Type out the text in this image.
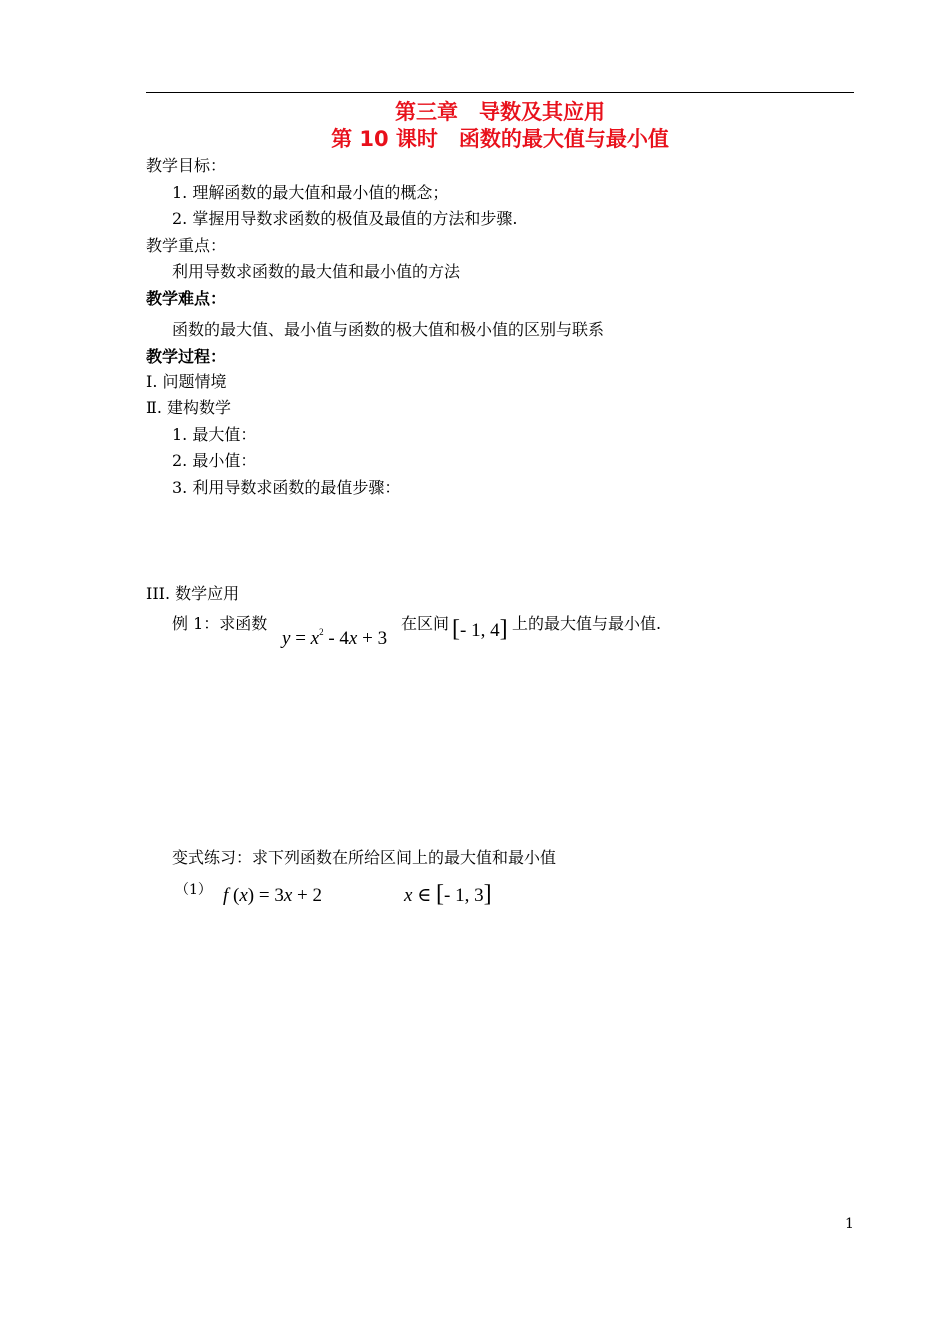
第三章　导数及其应用
第 10 课时　函数的最大值与最小值
教学目标：
1. 理解函数的最大值和最小值的概念；
2. 掌握用导数求函数的极值及最值的方法和步骤.
教学重点：
利用导数求函数的最大值和最小值的方法
教学难点：
函数的最大值、最小值与函数的极大值和极小值的区别与联系
教学过程：
Ⅰ. 问题情境
Ⅱ. 建构数学
1. 最大值：
2. 最小值：
3. 利用导数求函数的最值步骤：
III. 数学应用
例 1：求函数
$y = x^2 - 4x + 3$
在区间 [- 1, 4] 上的最大值与最小值.
变式练习：求下列函数在所给区间上的最大值和最小值
（1） f (x) = 3x + 2	x ∈ [- 1, 3]
1
